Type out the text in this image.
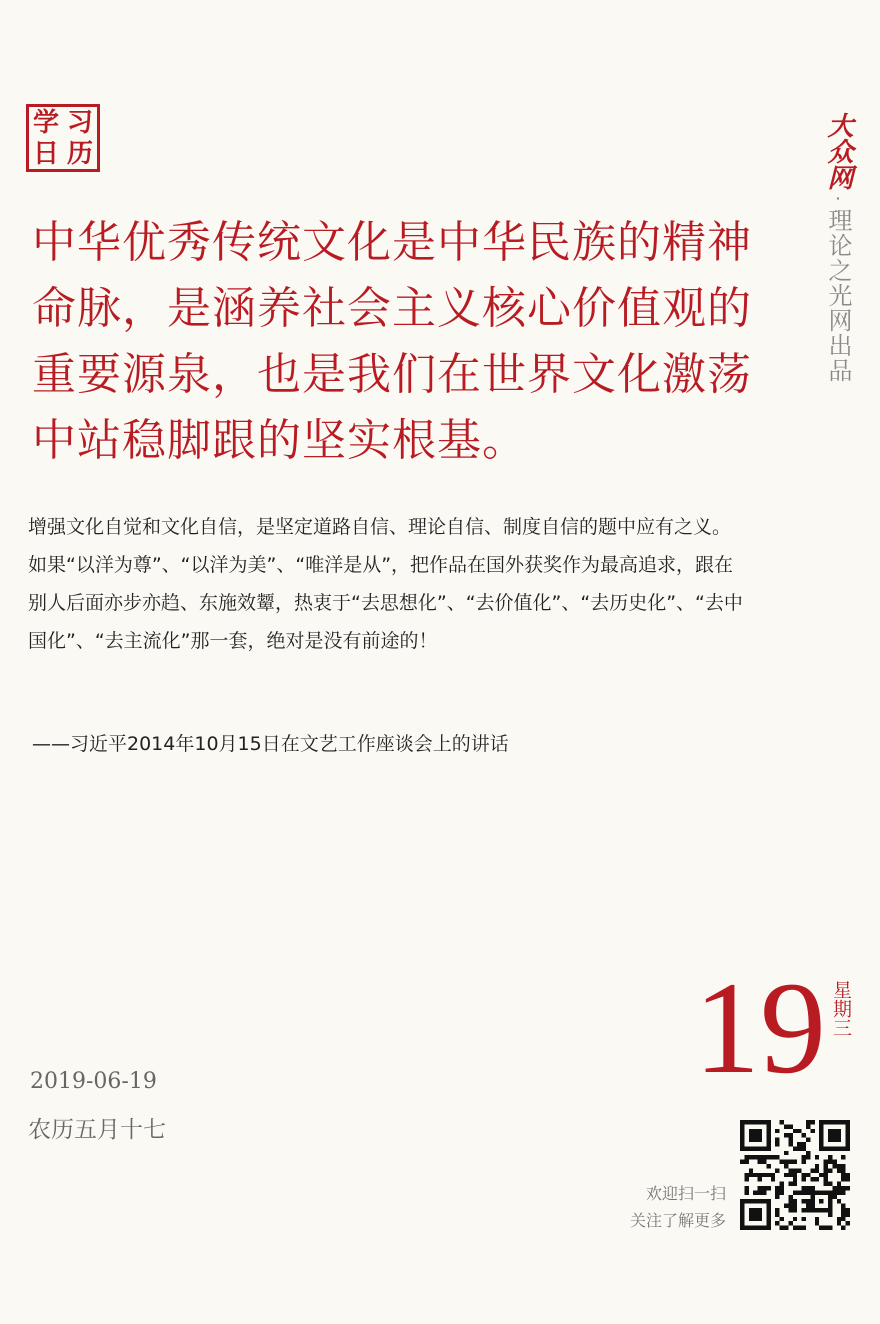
学 习
日 历	大众网
·
理论之光网出品

中华优秀传统文化是中华民族的精神命脉，是涵养社会主义核心价值观的重要源泉，也是我们在世界文化激荡中站稳脚跟的坚实根基。

增强文化自觉和文化自信，是坚定道路自信、理论自信、制度自信的题中应有之义。如果“以洋为尊”、“以洋为美”、“唯洋是从”，把作品在国外获奖作为最高追求，跟在别人后面亦步亦趋、东施效颦，热衷于“去思想化”、“去价值化”、“去历史化”、“去中国化”、“去主流化”那一套，绝对是没有前途的！

——习近平2014年10月15日在文艺工作座谈会上的讲话
19 星期三
2019-06-19
农历五月十七
欢迎扫一扫
关注了解更多
